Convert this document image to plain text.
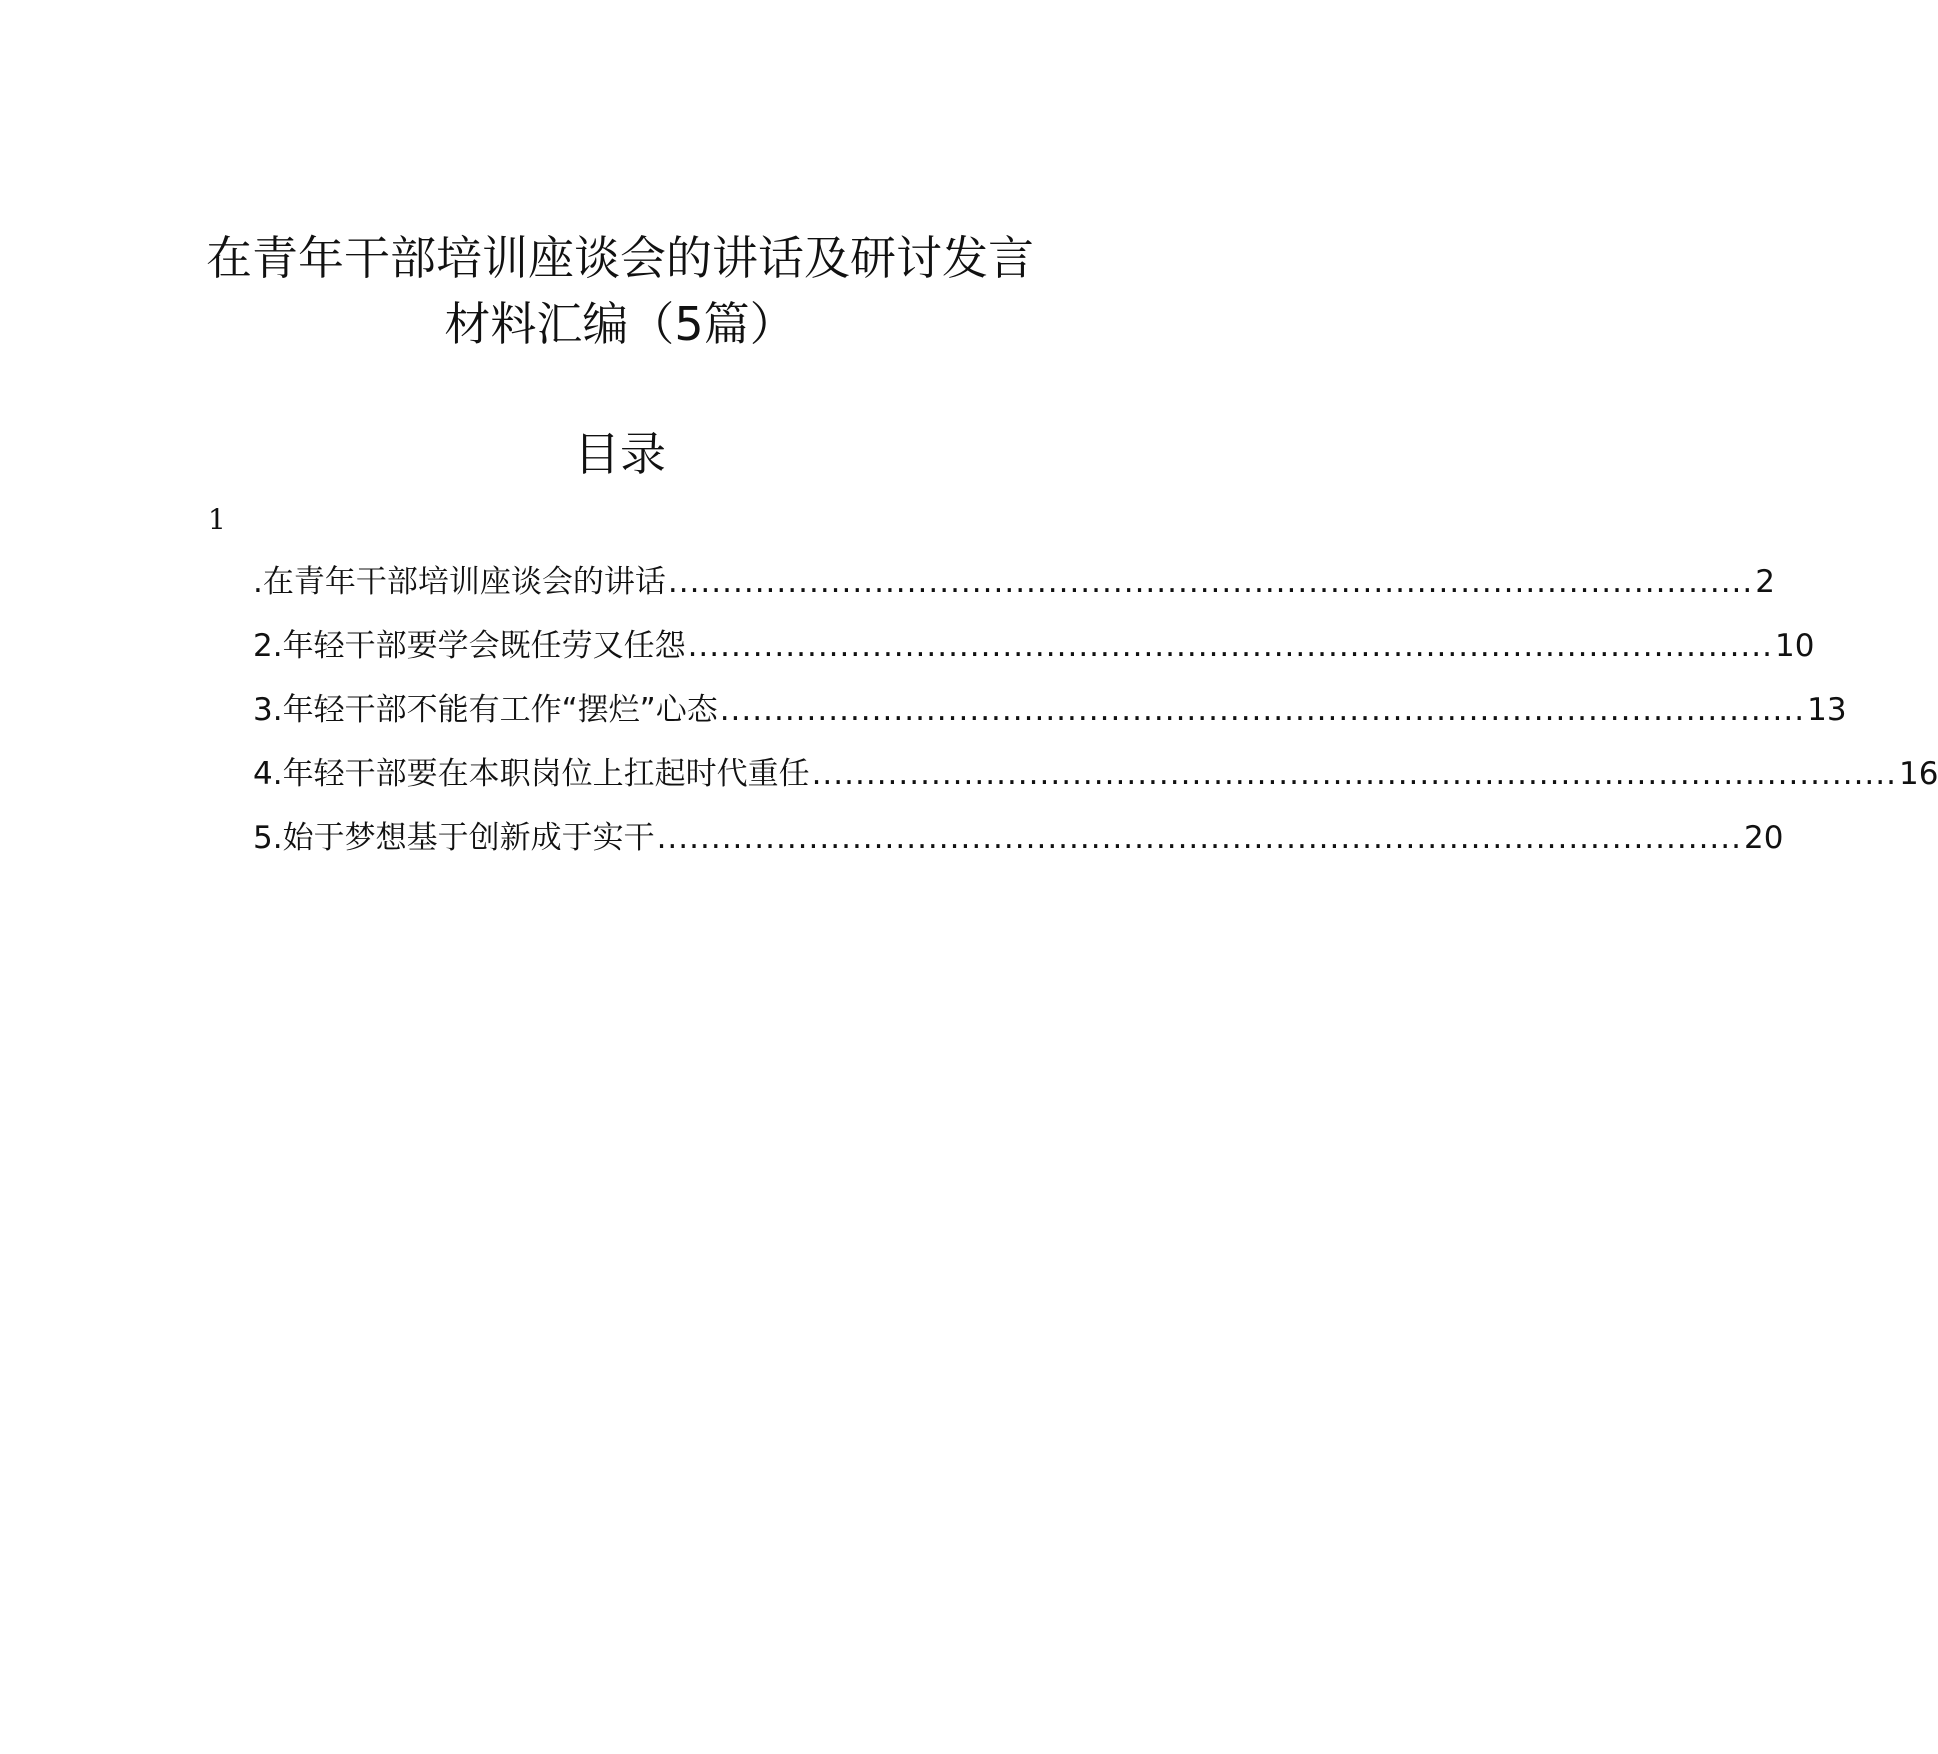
在青年干部培训座谈会的讲话及研讨发言
材料汇编（5篇）
目录
1
.在青年干部培训座谈会的讲话 .................................................................................................... 2
2.年轻干部要学会既任劳又任怨 .................................................................................................... 10
3.年轻干部不能有工作“摆烂”心态 .................................................................................................... 13
4.年轻干部要在本职岗位上扛起时代重任 .................................................................................................... 16
5.始于梦想基于创新成于实干 .................................................................................................... 20
